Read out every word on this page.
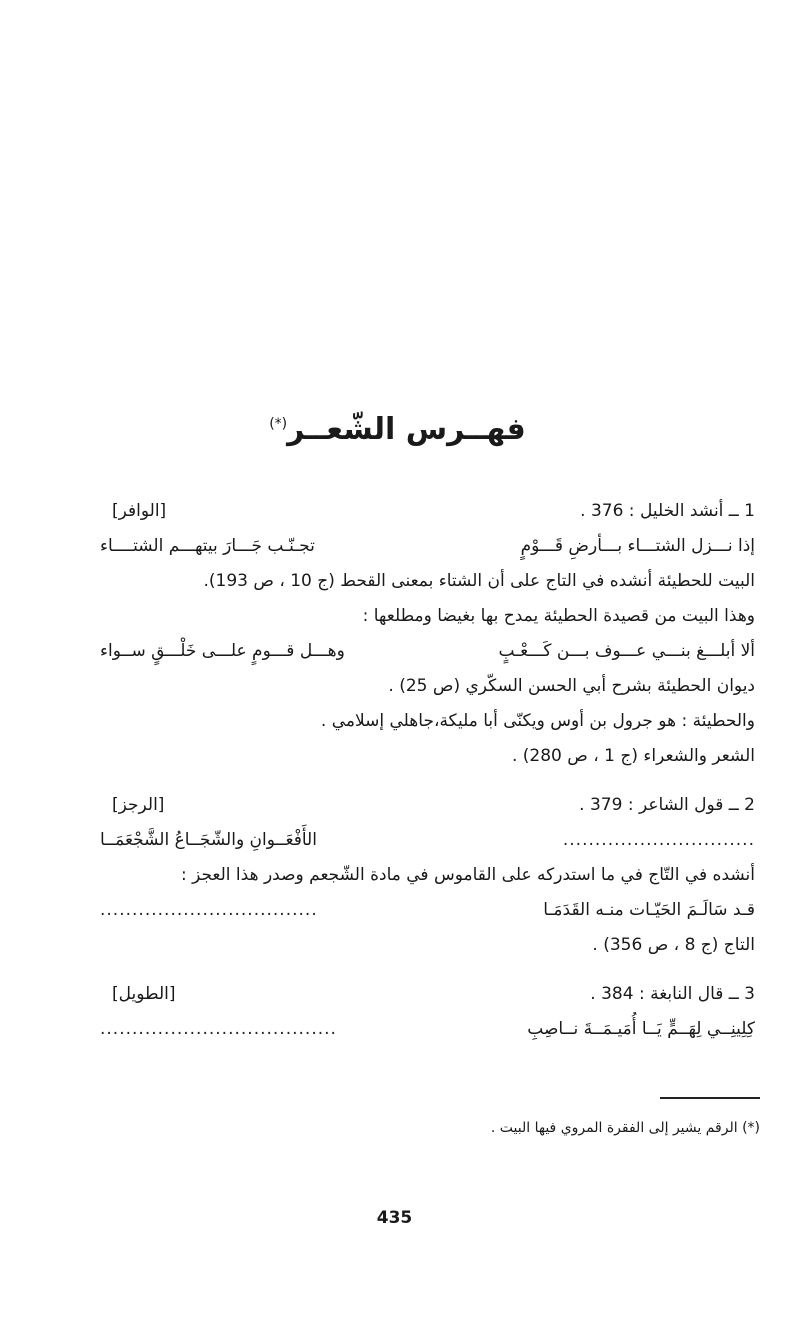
فهــرس الشّعــر(*)
1 ــ أنشد الخليل : 376 .
[الوافر]
إذا نـــزل الشتـــاء بـــأرضِ قَـــوْمٍ
تجـنّـب جَـــارَ بيتهـــم الشتــــاء
البيت للحطيئة أنشده في التاج على أن الشتاء بمعنى القحط (ج 10 ، ص 193).
وهذا البيت من قصيدة الحطيئة يمدح بها بغيضا ومطلعها :
ألا أبلـــغ بنـــي عـــوف بـــن كَـــعْـبٍ
وهـــل قـــومٍ علـــى خَلْـــقٍ ســواء
ديوان الحطيئة بشرح أبي الحسن السكّري (ص 25) .
والحطيئة : هو جرول بن أوس ويكنّى أبا مليكة،جاهلي إسلامي .
الشعر والشعراء (ج 1 ، ص 280) .
2 ــ قول الشاعر : 379 .
[الرجز]
..............................
الأَفْعَــوانِ والشّجَــاعُ الشَّجْعَمَــا
أنشده في التّاج في ما استدركه على القاموس في مادة الشّجعم وصدر هذا العجز :
قـد سَالَـمَ الحَيّـات منـه القَدَمَـا
..................................
التاج (ج 8 ، ص 356) .
3 ــ قال النابغة : 384 .
[الطويل]
كِلِينِــي لِهَــمٍّ يَــا أُمَيـمَــةَ نــاصِبِ
.....................................
(*) الرقم يشير إلى الفقرة المروي فيها البيت .
435
